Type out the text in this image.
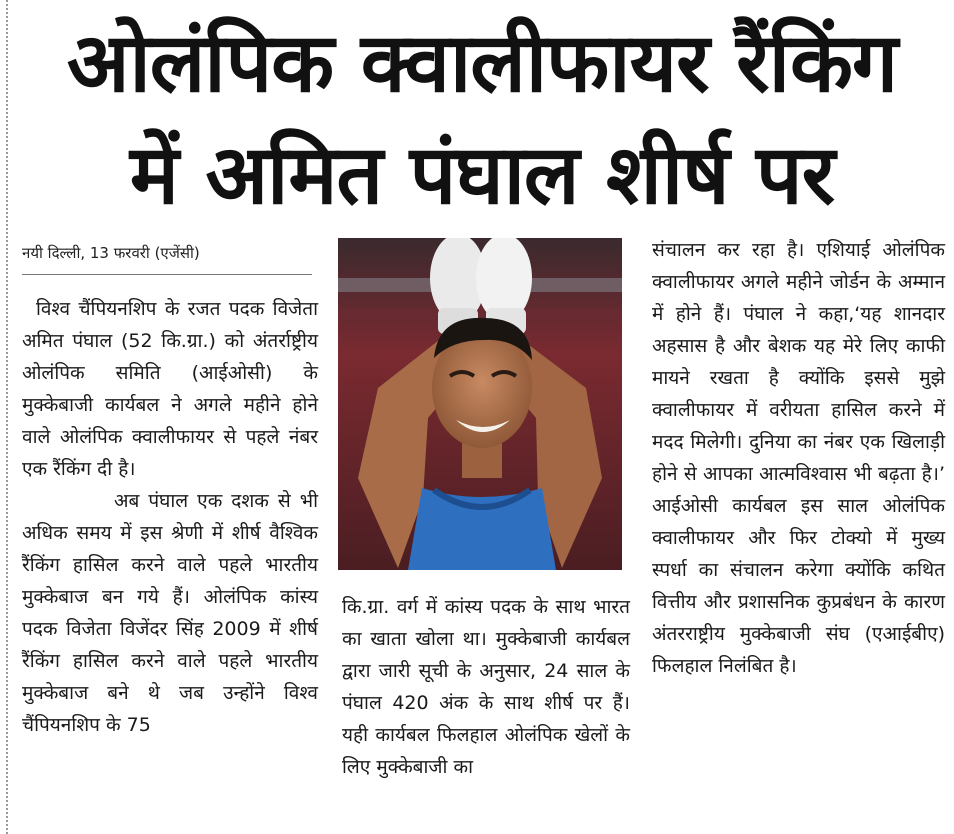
ओलंपिक क्वालीफायर रैंकिंग
में अमित पंघाल शीर्ष पर
नयी दिल्ली, 13 फरवरी (एजेंसी)

विश्व चैंपियनशिप के रजत पदक विजेता अमित पंघाल (52 कि.ग्रा.) को अंतर्राष्ट्रीय ओलंपिक समिति (आईओसी) के मुक्केबाजी कार्यबल ने अगले महीने होने वाले ओलंपिक क्वालीफायर से पहले नंबर एक रैंकिंग दी है।

अब पंघाल एक दशक से भी अधिक समय में इस श्रेणी में शीर्ष वैश्विक रैंकिंग हासिल करने वाले पहले भारतीय मुक्केबाज बन गये हैं। ओलंपिक कांस्य पदक विजेता विजेंदर सिंह 2009 में शीर्ष रैंकिंग हासिल करने वाले पहले भारतीय मुक्केबाज बने थे जब उन्होंने विश्व चैंपियनशिप के 75

कि.ग्रा. वर्ग में कांस्य पदक के साथ भारत का खाता खोला था। मुक्केबाजी कार्यबल द्वारा जारी सूची के अनुसार, 24 साल के पंघाल 420 अंक के साथ शीर्ष पर हैं। यही कार्यबल फिलहाल ओलंपिक खेलों के लिए मुक्केबाजी का

संचालन कर रहा है। एशियाई ओलंपिक क्वालीफायर अगले महीने जोर्डन के अम्मान में होने हैं। पंघाल ने कहा,‘यह शानदार अहसास है और बेशक यह मेरे लिए काफी मायने रखता है क्योंकि इससे मुझे क्वालीफायर में वरीयता हासिल करने में मदद मिलेगी। दुनिया का नंबर एक खिलाड़ी होने से आपका आत्मविश्वास भी बढ़ता है।’ आईओसी कार्यबल इस साल ओलंपिक क्वालीफायर और फिर टोक्यो में मुख्य स्पर्धा का संचालन करेगा क्योंकि कथित वित्तीय और प्रशासनिक कुप्रबंधन के कारण अंतरराष्ट्रीय मुक्केबाजी संघ (एआईबीए) फिलहाल निलंबित है।
